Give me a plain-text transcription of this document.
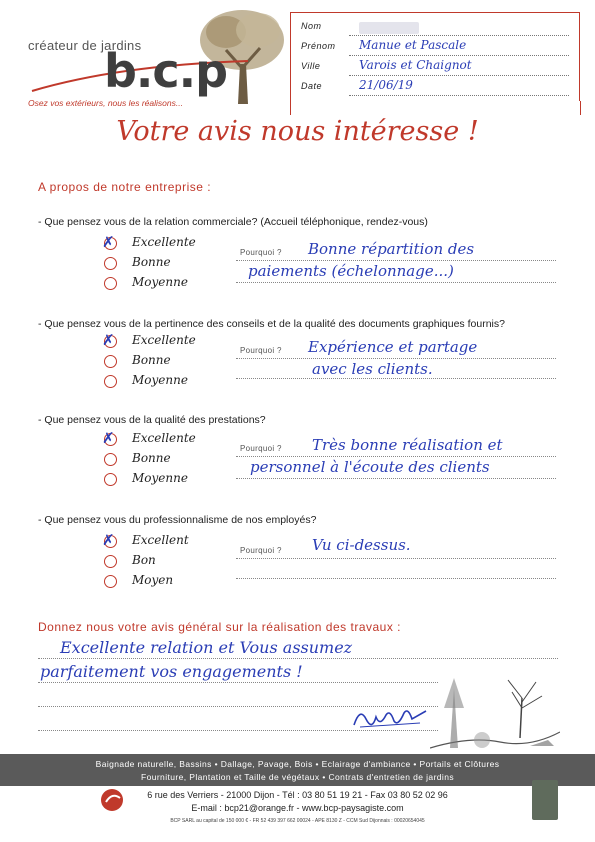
créateur de jardins
b.c.p
Osez vos extérieurs, nous les réalisons...
Nom
Prénom Manue et Pascale
Ville	Varois et Chaignot
Date	21/06/19
Votre avis nous intéresse !
A propos de notre entreprise :
- Que pensez vous de la relation commerciale? (Accueil téléphonique, rendez-vous)
✗ Excellente
Bonne
Moyenne
Pourquoi ? Bonne répartition des
paiements (échelonnage...)
- Que pensez vous de la pertinence des conseils et de la qualité des documents graphiques fournis?
✗ Excellente
Bonne
Moyenne
Pourquoi ? Expérience et partage
avec les clients.
- Que pensez vous de la qualité des prestations?
✗ Excellente
Bonne
Moyenne
Pourquoi ? Très bonne réalisation et
personnel à l'écoute des clients
- Que pensez vous du professionnalisme de nos employés?
✗ Excellent
Bon
Moyen
Pourquoi ? Vu ci-dessus.
Donnez nous votre avis général sur la réalisation des travaux :
Excellente relation et Vous assumez
parfaitement vos engagements !
Baignade naturelle, Bassins • Dallage, Pavage, Bois • Eclairage d'ambiance • Portails et Clôtures
Fourniture, Plantation et Taille de végétaux • Contrats d'entretien de jardins
6 rue des Verriers - 21000 Dijon - Tél : 03 80 51 19 21 - Fax 03 80 52 02 96
E-mail : bcp21@orange.fr - www.bcp-paysagiste.com
BCP SARL au capital de 150 000 € - FR 52 439 397 662 00024 - APE 8130 Z - CCM Sud Dijonnais : 00020654045
